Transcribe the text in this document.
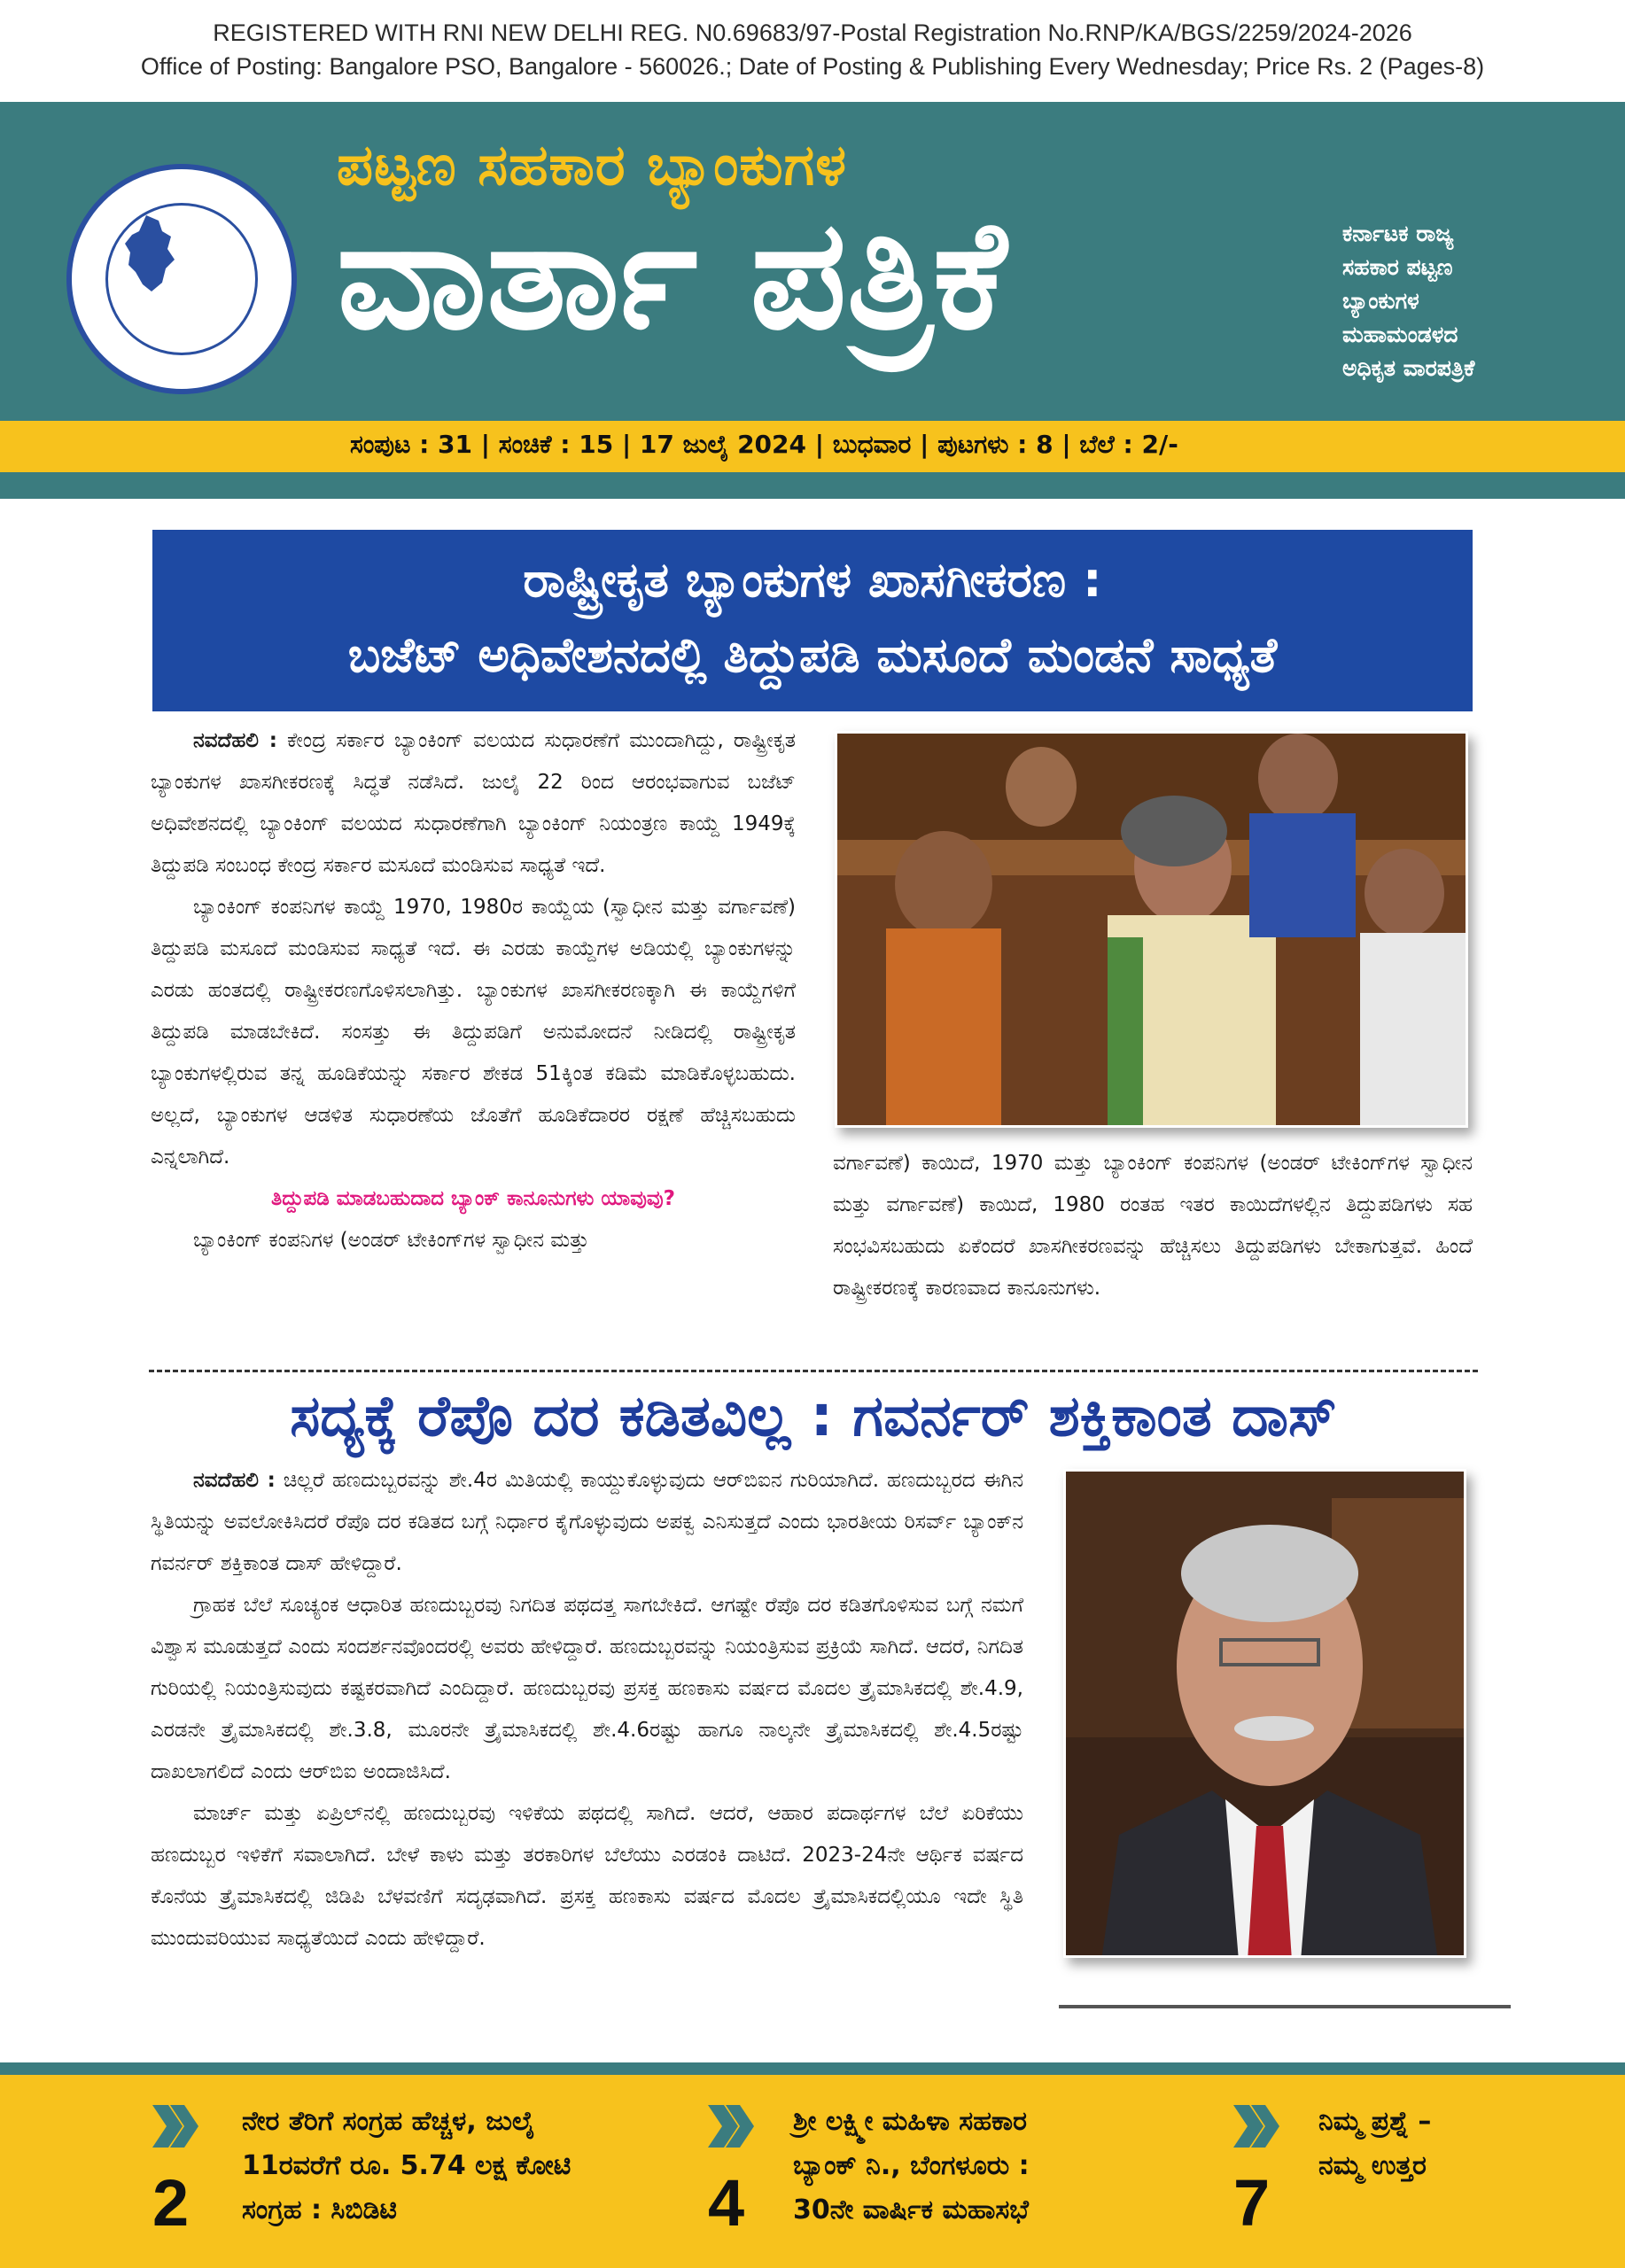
REGISTERED WITH RNI NEW DELHI REG. N0.69683/97-Postal Registration No.RNP/KA/BGS/2259/2024-2026
Office of Posting: Bangalore PSO, Bangalore - 560026.; Date of Posting & Publishing Every Wednesday; Price Rs. 2 (Pages-8)
ಪಟ್ಟಣ ಸಹಕಾರ ಬ್ಯಾಂಕುಗಳ
ವಾರ್ತಾ ಪತ್ರಿಕೆ	ಕರ್ನಾಟಕ ರಾಜ್ಯ
ಸಹಕಾರ ಪಟ್ಟಣ
ಬ್ಯಾಂಕುಗಳ
ಮಹಾಮಂಡಳದ
ಅಧಿಕೃತ ವಾರಪತ್ರಿಕೆ
ಸಂಪುಟ : 31 | ಸಂಚಿಕೆ : 15 | 17 ಜುಲೈ 2024 | ಬುಧವಾರ | ಪುಟಗಳು : 8 | ಬೆಲೆ : 2/-
ರಾಷ್ಟ್ರೀಕೃತ ಬ್ಯಾಂಕುಗಳ ಖಾಸಗೀಕರಣ :
ಬಜೆಟ್ ಅಧಿವೇಶನದಲ್ಲಿ ತಿದ್ದುಪಡಿ ಮಸೂದೆ ಮಂಡನೆ ಸಾಧ್ಯತೆ

ನವದೆಹಲಿ : ಕೇಂದ್ರ ಸರ್ಕಾರ ಬ್ಯಾಂಕಿಂಗ್ ವಲಯದ ಸುಧಾರಣೆಗೆ ಮುಂದಾಗಿದ್ದು, ರಾಷ್ಟ್ರೀಕೃತ ಬ್ಯಾಂಕುಗಳ ಖಾಸಗೀಕರಣಕ್ಕೆ ಸಿದ್ಧತೆ ನಡೆಸಿದೆ. ಜುಲೈ 22 ರಿಂದ ಆರಂಭವಾಗುವ ಬಜೆಟ್ ಅಧಿವೇಶನದಲ್ಲಿ ಬ್ಯಾಂಕಿಂಗ್ ವಲಯದ ಸುಧಾರಣೆಗಾಗಿ ಬ್ಯಾಂಕಿಂಗ್ ನಿಯಂತ್ರಣ ಕಾಯ್ದೆ 1949ಕ್ಕೆ ತಿದ್ದುಪಡಿ ಸಂಬಂಧ ಕೇಂದ್ರ ಸರ್ಕಾರ ಮಸೂದೆ ಮಂಡಿಸುವ ಸಾಧ್ಯತೆ ಇದೆ.

ಬ್ಯಾಂಕಿಂಗ್ ಕಂಪನಿಗಳ ಕಾಯ್ದೆ 1970, 1980ರ ಕಾಯ್ದೆಯ (ಸ್ವಾಧೀನ ಮತ್ತು ವರ್ಗಾವಣೆ) ತಿದ್ದುಪಡಿ ಮಸೂದೆ ಮಂಡಿಸುವ ಸಾಧ್ಯತೆ ಇದೆ. ಈ ಎರಡು ಕಾಯ್ದೆಗಳ ಅಡಿಯಲ್ಲಿ ಬ್ಯಾಂಕುಗಳನ್ನು ಎರಡು ಹಂತದಲ್ಲಿ ರಾಷ್ಟ್ರೀಕರಣಗೊಳಿಸಲಾಗಿತ್ತು. ಬ್ಯಾಂಕುಗಳ ಖಾಸಗೀಕರಣಕ್ಕಾಗಿ ಈ ಕಾಯ್ದೆಗಳಿಗೆ ತಿದ್ದುಪಡಿ ಮಾಡಬೇಕಿದೆ. ಸಂಸತ್ತು ಈ ತಿದ್ದುಪಡಿಗೆ ಅನುಮೋದನೆ ನೀಡಿದಲ್ಲಿ ರಾಷ್ಟ್ರೀಕೃತ ಬ್ಯಾಂಕುಗಳಲ್ಲಿರುವ ತನ್ನ ಹೂಡಿಕೆಯನ್ನು ಸರ್ಕಾರ ಶೇಕಡ 51ಕ್ಕಿಂತ ಕಡಿಮೆ ಮಾಡಿಕೊಳ್ಳಬಹುದು. ಅಲ್ಲದೆ, ಬ್ಯಾಂಕುಗಳ ಆಡಳಿತ ಸುಧಾರಣೆಯ ಜೊತೆಗೆ ಹೂಡಿಕೆದಾರರ ರಕ್ಷಣೆ ಹೆಚ್ಚಿಸಬಹುದು ಎನ್ನಲಾಗಿದೆ.

ತಿದ್ದುಪಡಿ ಮಾಡಬಹುದಾದ ಬ್ಯಾಂಕ್ ಕಾನೂನುಗಳು ಯಾವುವು?

ಬ್ಯಾಂಕಿಂಗ್ ಕಂಪನಿಗಳ (ಅಂಡರ್ ಟೇಕಿಂಗ್‌ಗಳ ಸ್ವಾಧೀನ ಮತ್ತು

ವರ್ಗಾವಣೆ) ಕಾಯಿದೆ, 1970 ಮತ್ತು ಬ್ಯಾಂಕಿಂಗ್ ಕಂಪನಿಗಳ (ಅಂಡರ್ ಟೇಕಿಂಗ್‌ಗಳ ಸ್ವಾಧೀನ ಮತ್ತು ವರ್ಗಾವಣೆ) ಕಾಯಿದೆ, 1980 ರಂತಹ ಇತರ ಕಾಯಿದೆಗಳಲ್ಲಿನ ತಿದ್ದುಪಡಿಗಳು ಸಹ ಸಂಭವಿಸಬಹುದು ಏಕೆಂದರೆ ಖಾಸಗೀಕರಣವನ್ನು ಹೆಚ್ಚಿಸಲು ತಿದ್ದುಪಡಿಗಳು ಬೇಕಾಗುತ್ತವೆ. ಹಿಂದೆ ರಾಷ್ಟ್ರೀಕರಣಕ್ಕೆ ಕಾರಣವಾದ ಕಾನೂನುಗಳು.

ಸದ್ಯಕ್ಕೆ ರೆಪೊ ದರ ಕಡಿತವಿಲ್ಲ : ಗವರ್ನರ್ ಶಕ್ತಿಕಾಂತ ದಾಸ್

ನವದೆಹಲಿ : ಚಿಲ್ಲರೆ ಹಣದುಬ್ಬರವನ್ನು ಶೇ.4ರ ಮಿತಿಯಲ್ಲಿ ಕಾಯ್ದುಕೊಳ್ಳುವುದು ಆರ್‌ಬಿಐನ ಗುರಿಯಾಗಿದೆ. ಹಣದುಬ್ಬರದ ಈಗಿನ ಸ್ಥಿತಿಯನ್ನು ಅವಲೋಕಿಸಿದರೆ ರೆಪೊ ದರ ಕಡಿತದ ಬಗ್ಗೆ ನಿರ್ಧಾರ ಕೈಗೊಳ್ಳುವುದು ಅಪಕ್ವ ಎನಿಸುತ್ತದೆ ಎಂದು ಭಾರತೀಯ ರಿಸರ್ವ್ ಬ್ಯಾಂಕ್‌ನ ಗವರ್ನರ್ ಶಕ್ತಿಕಾಂತ ದಾಸ್ ಹೇಳಿದ್ದಾರೆ.

ಗ್ರಾಹಕ ಬೆಲೆ ಸೂಚ್ಯಂಕ ಆಧಾರಿತ ಹಣದುಬ್ಬರವು ನಿಗದಿತ ಪಥದತ್ತ ಸಾಗಬೇಕಿದೆ. ಆಗಷ್ಟೇ ರೆಪೊ ದರ ಕಡಿತಗೊಳಿಸುವ ಬಗ್ಗೆ ನಮಗೆ ವಿಶ್ವಾಸ ಮೂಡುತ್ತದೆ ಎಂದು ಸಂದರ್ಶನವೊಂದರಲ್ಲಿ ಅವರು ಹೇಳಿದ್ದಾರೆ. ಹಣದುಬ್ಬರವನ್ನು ನಿಯಂತ್ರಿಸುವ ಪ್ರಕ್ರಿಯೆ ಸಾಗಿದೆ. ಆದರೆ, ನಿಗದಿತ ಗುರಿಯಲ್ಲಿ ನಿಯಂತ್ರಿಸುವುದು ಕಷ್ಟಕರವಾಗಿದೆ ಎಂದಿದ್ದಾರೆ. ಹಣದುಬ್ಬರವು ಪ್ರಸಕ್ತ ಹಣಕಾಸು ವರ್ಷದ ಮೊದಲ ತ್ರೈಮಾಸಿಕದಲ್ಲಿ ಶೇ.4.9, ಎರಡನೇ ತ್ರೈಮಾಸಿಕದಲ್ಲಿ ಶೇ.3.8, ಮೂರನೇ ತ್ರೈಮಾಸಿಕದಲ್ಲಿ ಶೇ.4.6ರಷ್ಟು ಹಾಗೂ ನಾಲ್ಕನೇ ತ್ರೈಮಾಸಿಕದಲ್ಲಿ ಶೇ.4.5ರಷ್ಟು ದಾಖಲಾಗಲಿದೆ ಎಂದು ಆರ್‌ಬಿಐ ಅಂದಾಜಿಸಿದೆ.

ಮಾರ್ಚ್ ಮತ್ತು ಏಪ್ರಿಲ್‌ನಲ್ಲಿ ಹಣದುಬ್ಬರವು ಇಳಿಕೆಯ ಪಥದಲ್ಲಿ ಸಾಗಿದೆ. ಆದರೆ, ಆಹಾರ ಪದಾರ್ಥಗಳ ಬೆಲೆ ಏರಿಕೆಯು ಹಣದುಬ್ಬರ ಇಳಿಕೆಗೆ ಸವಾಲಾಗಿದೆ. ಬೇಳೆ ಕಾಳು ಮತ್ತು ತರಕಾರಿಗಳ ಬೆಲೆಯು ಎರಡಂಕಿ ದಾಟಿದೆ. 2023-24ನೇ ಆರ್ಥಿಕ ವರ್ಷದ ಕೊನೆಯ ತ್ರೈಮಾಸಿಕದಲ್ಲಿ ಜಿಡಿಪಿ ಬೆಳವಣಿಗೆ ಸದೃಢವಾಗಿದೆ. ಪ್ರಸಕ್ತ ಹಣಕಾಸು ವರ್ಷದ ಮೊದಲ ತ್ರೈಮಾಸಿಕದಲ್ಲಿಯೂ ಇದೇ ಸ್ಥಿತಿ ಮುಂದುವರಿಯುವ ಸಾಧ್ಯತೆಯಿದೆ ಎಂದು ಹೇಳಿದ್ದಾರೆ.

2
ನೇರ ತೆರಿಗೆ ಸಂಗ್ರಹ ಹೆಚ್ಚಳ, ಜುಲೈ
11ರವರೆಗೆ ರೂ. 5.74 ಲಕ್ಷ ಕೋಟಿ
ಸಂಗ್ರಹ : ಸಿಬಿಡಿಟಿ	4
ಶ್ರೀ ಲಕ್ಷ್ಮೀ ಮಹಿಳಾ ಸಹಕಾರ
ಬ್ಯಾಂಕ್ ನಿ., ಬೆಂಗಳೂರು :
30ನೇ ವಾರ್ಷಿಕ ಮಹಾಸಭೆ	7
ನಿಮ್ಮ ಪ್ರಶ್ನೆ –
ನಮ್ಮ ಉತ್ತರ
